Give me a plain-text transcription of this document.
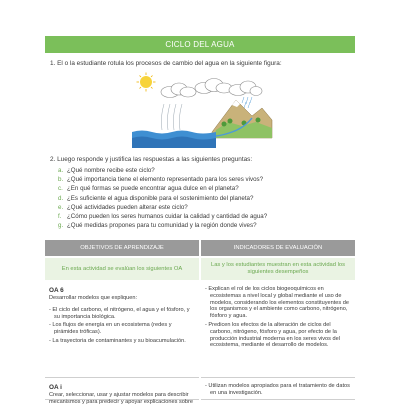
CICLO DEL AGUA
1. El o la estudiante rotula los procesos de cambio del agua en la siguiente figura:
2. Luego responde y justifica las respuestas a las siguientes preguntas:
a. ¿Qué nombre recibe este ciclo?
b. ¿Qué importancia tiene el elemento representado para los seres vivos?
c. ¿En qué formas se puede encontrar agua dulce en el planeta?
d. ¿Es suficiente el agua disponible para el sostenimiento del planeta?
e. ¿Qué actividades pueden alterar este ciclo?
f. ¿Cómo pueden los seres humanos cuidar la calidad y cantidad de agua?
g. ¿Qué medidas propones para tu comunidad y la región donde vives?
OBJETIVOS DE APRENDIZAJE	INDICADORES DE EVALUACIÓN
En esta actividad se evalúan los siguientes OA
Las y los estudiantes muestran en esta actividad los siguientes desempeños
OA 6
Desarrollar modelos que expliquen:
- El ciclo del carbono, el nitrógeno, el agua y el fósforo, y su importancia biológica.
- Los flujos de energía en un ecosistema (redes y pirámides tróficas).
- La trayectoria de contaminantes y su bioacumulación.
- Explican el rol de los ciclos biogeoquímicos en ecosistemas a nivel local y global mediante el uso de modelos, considerando los elementos constituyentes de los organismos y el ambiente como carbono, nitrógeno, fósforo y agua.
- Predicen los efectos de la alteración de ciclos del carbono, nitrógeno, fósforo y agua, por efecto de la producción industrial moderna en los seres vivos del ecosistema, mediante el desarrollo de modelos.
OA i
Crear, seleccionar, usar y ajustar modelos para describir mecanismos y para predecir y apoyar explicaciones sobre
- Utilizan modelos apropiados para el tratamiento de datos en una investigación.
